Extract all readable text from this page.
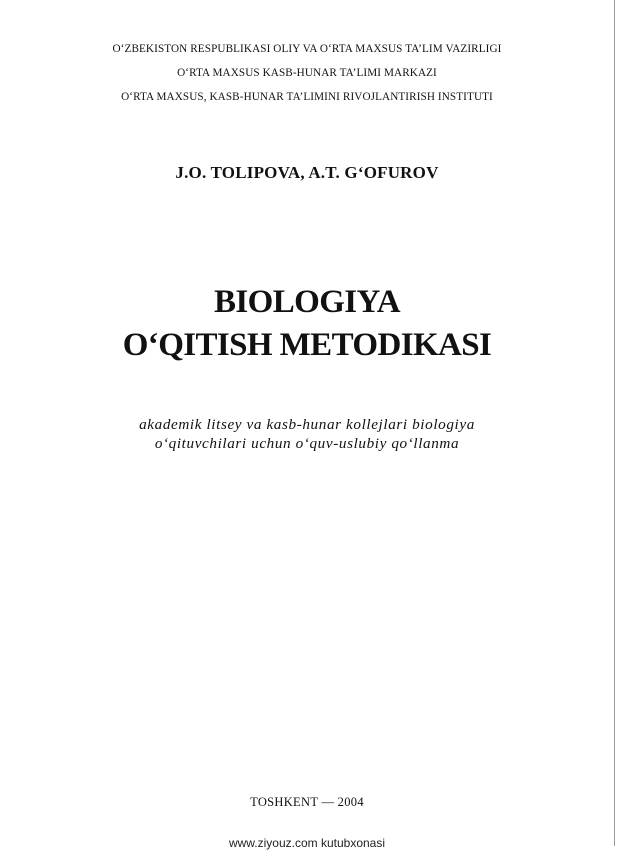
O‘ZBEKISTON RESPUBLIKASI OLIY VA O‘RTA MAXSUS TA’LIM VAZIRLIGI
O‘RTA MAXSUS KASB-HUNAR TA’LIMI MARKAZI
O‘RTA MAXSUS, KASB-HUNAR TA’LIMINI RIVOJLANTIRISH INSTITUTI
J.O. TOLIPOVA, A.T. G‘OFUROV
BIOLOGIYA
O‘QITISH METODIKASI
akademik litsey va kasb-hunar kollejlari biologiya
o‘qituvchilari uchun o‘quv-uslubiy qo‘llanma
TOSHKENT — 2004
www.ziyouz.com kutubxonasi
